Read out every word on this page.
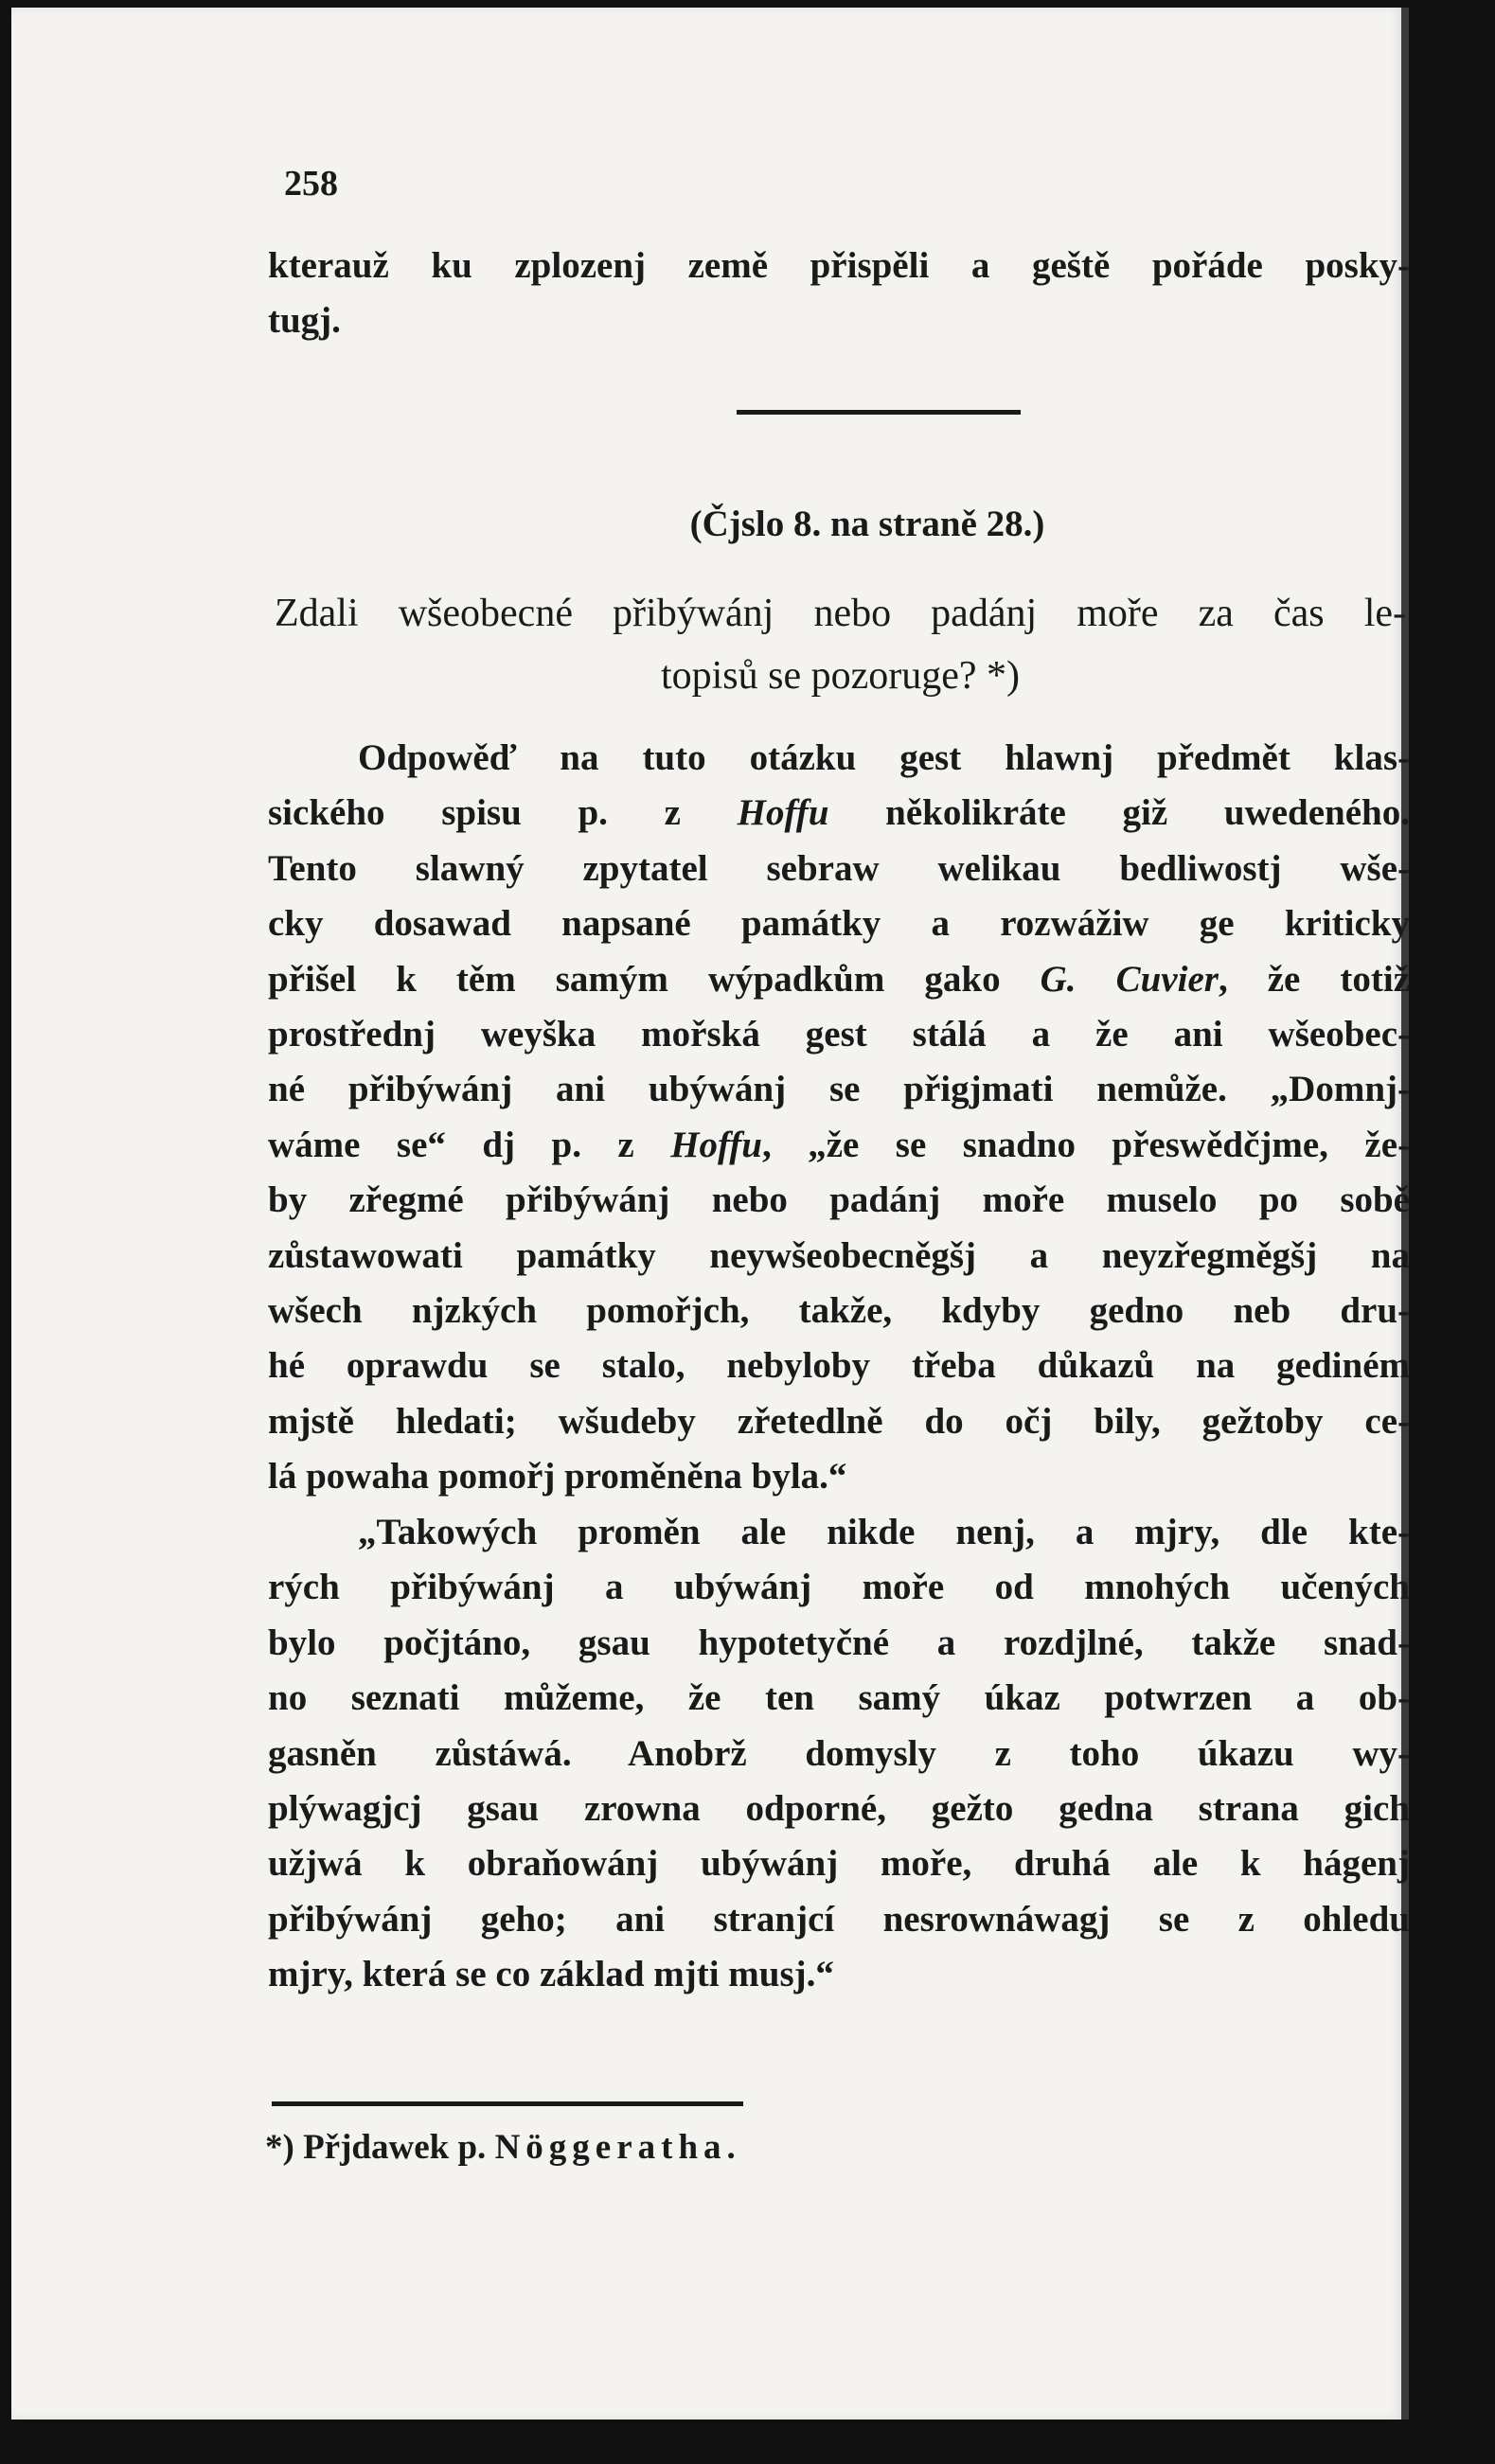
258
kterauž ku zplozenj země přispěli a geště pořáde posky-
tugj.
(Čjslo 8. na straně 28.)
Zdali wšeobecné přibýwánj nebo padánj moře za čas le-
topisů se pozoruge? *)
Odpowěď na tuto otázku gest hlawnj předmět klas-
sického spisu p. z Hoffu několikráte giž uwedeného.
Tento slawný zpytatel sebraw welikau bedliwostj wše-
cky dosawad napsané památky a rozwážiw ge kriticky
přišel k těm samým wýpadkům gako G. Cuvier, že totiž
prostřednj weyška mořská gest stálá a že ani wšeobec-
né přibýwánj ani ubýwánj se přigjmati nemůže. „Domnj-
wáme se“ dj p. z Hoffu, „že se snadno přeswědčjme, že-
by zřegmé přibýwánj nebo padánj moře muselo po sobě
zůstawowati památky neywšeobecněgšj a neyzřegměgšj na
wšech njzkých pomořjch, takže, kdyby gedno neb dru-
hé oprawdu se stalo, nebyloby třeba důkazů na gediném
mjstě hledati; wšudeby zřetedlně do očj bily, gežtoby ce-
lá powaha pomořj proměněna byla.“
„Takowých proměn ale nikde nenj, a mjry, dle kte-
rých přibýwánj a ubýwánj moře od mnohých učených
bylo počjtáno, gsau hypotetyčné a rozdjlné, takže snad-
no seznati můžeme, že ten samý úkaz potwrzen a ob-
gasněn zůstáwá. Anobrž domysly z toho úkazu wy-
plýwagjcj gsau zrowna odporné, gežto gedna strana gich
užjwá k obraňowánj ubýwánj moře, druhá ale k hágenj
přibýwánj geho; ani stranjcí nesrownáwagj se z ohledu
mjry, která se co základ mjti musj.“
*) Přjdawek p. Nöggeratha.
